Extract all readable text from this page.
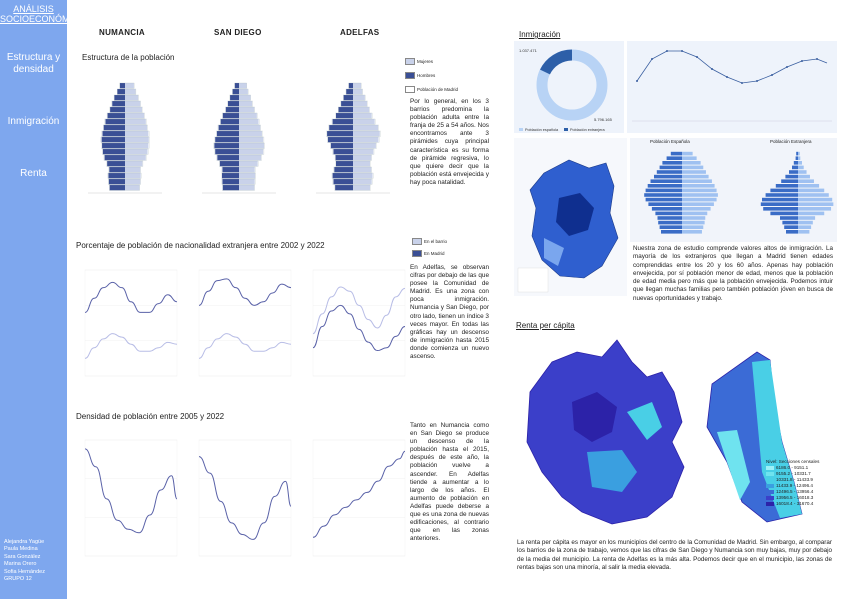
ANÁLISIS
SOCIOECONÓMICO
Estructura y
densidad
Inmigración
Renta
Alejandra Yagüe
Paula Medina
Sara González
Marina Orero
Sofia Hernández
GRUPO 12
NUMANCIA	SAN DIEGO	ADELFAS
Estructura de la población	Mujeres
Hombres
Población de Madrid
Por lo general, en los 3 barrios predomina la población adulta entre la franja de 25 a 54 años. Nos encontramos ante 3 pirámides cuya principal característica es su forma de pirámide regresiva, lo que quiere decir que la población está envejecida y hay poca natalidad.
Porcentaje de población de nacionalidad extranjera entre 2002 y 2022	En el barrio
En Madrid
En Adelfas, se observan cifras por debajo de las que posee la Comunidad de Madrid. Es una zona con poca inmigración. Numancia y San Diego, por otro lado, tienen un índice 3 veces mayor. En todas las gráficas hay un descenso de inmigración hasta 2015 donde comienza un nuevo ascenso.
Densidad de población entre 2005 y 2022
Tanto en Numancia como en San Diego se produce un descenso de la población hasta el 2015, después de este año, la población vuelve a ascender. En Adelfas tiende a aumentar a lo largo de los años. El aumento de población en Adelfas puede deberse a que es una zona de nuevas edificaciones, al contrario que en las zonas anteriores.
Inmigración
1.037.471
5.796.165
Población española	Población extranjera
Población Española	Población Extranjera
Nuestra zona de estudio comprende valores altos de inmigración. La mayoría de los extranjeros que llegan a Madrid tienen edades comprendidas entre los 20 y los 60 años. Apenas hay población envejecida, por sí población menor de edad, menos que la población de edad media pero más que la población envejecida. Podemos intuir que llegan muchas familias pero también población jóven en busca de nuevas oportunidades y trabajo.
Renta per cápita
Nivel: Secciones censales
6186.0 - 9151.1
9155.2 - 10331.7
10331.8 - 11433.9
11433.9 - 12496.4
12496.5 - 13956.4
13956.5 - 16018.3
16018.4 - 31670.4
La renta per cápita es mayor en los municipios del centro de la Comunidad de Madrid. Sin embargo, al comparar los barrios de la zona de trabajo, vemos que las cifras de San Diego y Numancia son muy bajas, muy por debajo de la media del municipio. La renta de Adelfas es la más alta. Podemos decir que en el municipio, las zonas de rentas bajas son una minoría, al salir la media elevada.
